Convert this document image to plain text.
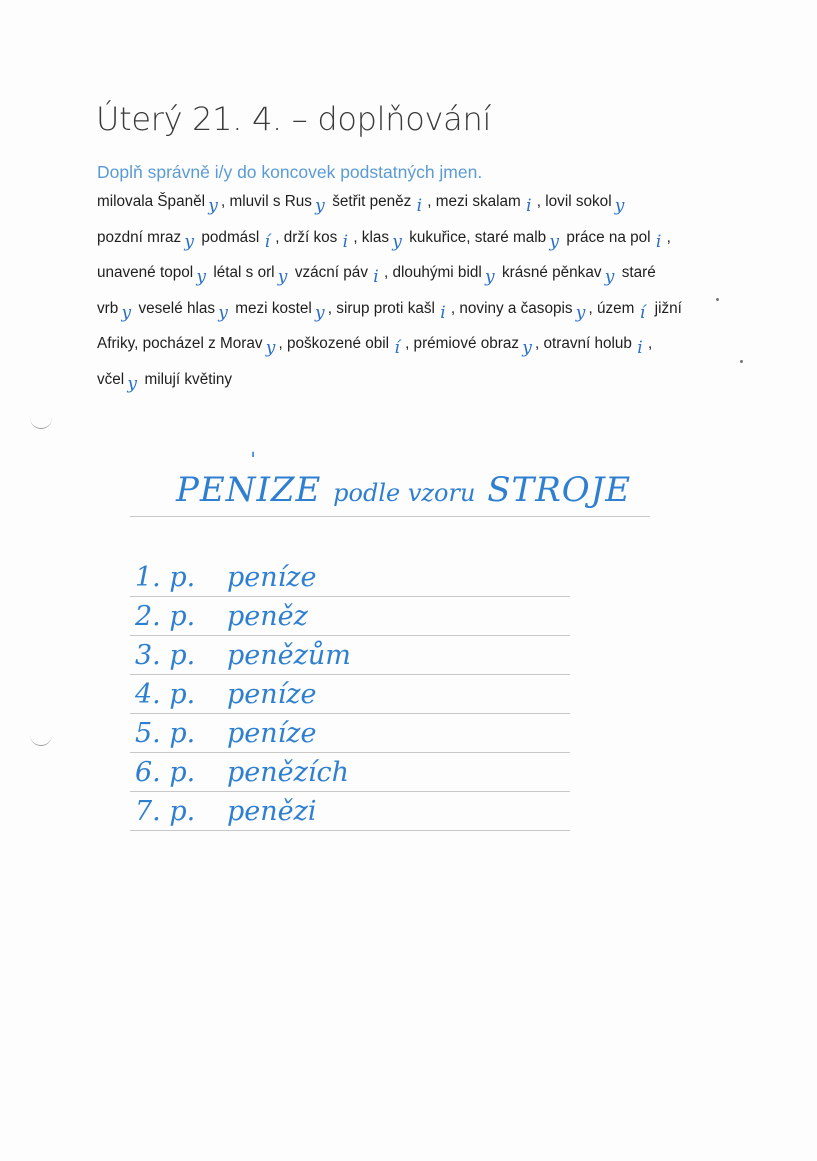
Úterý 21. 4. – doplňování

Doplň správně i/y do koncovek podstatných jmen.

milovala Španěl y , mluvil s Rus y šetřit peněz i , mezi skalam i , lovil sokol y
pozdní mraz y podmásl í , drží kos i , klas y kukuřice, staré malb y práce na pol i ,
unavené topol y létal s orl y vzácní páv i , dlouhými bidl y krásné pěnkav y staré
vrb y veselé hlas y mezi kostel y , sirup proti kašl i , noviny a časopis y , územ í jižní
Afriky, pocházel z Morav y , poškozené obil í , prémiové obraz y , otravní holub i ,
včel y milují květiny
PENIZE
ˈ
podle vzoru STROJE
1. p. peníze
2. p. peněz
3. p. penězům
4. p. peníze
5. p. peníze
6. p. penězích
7. p. penězi
